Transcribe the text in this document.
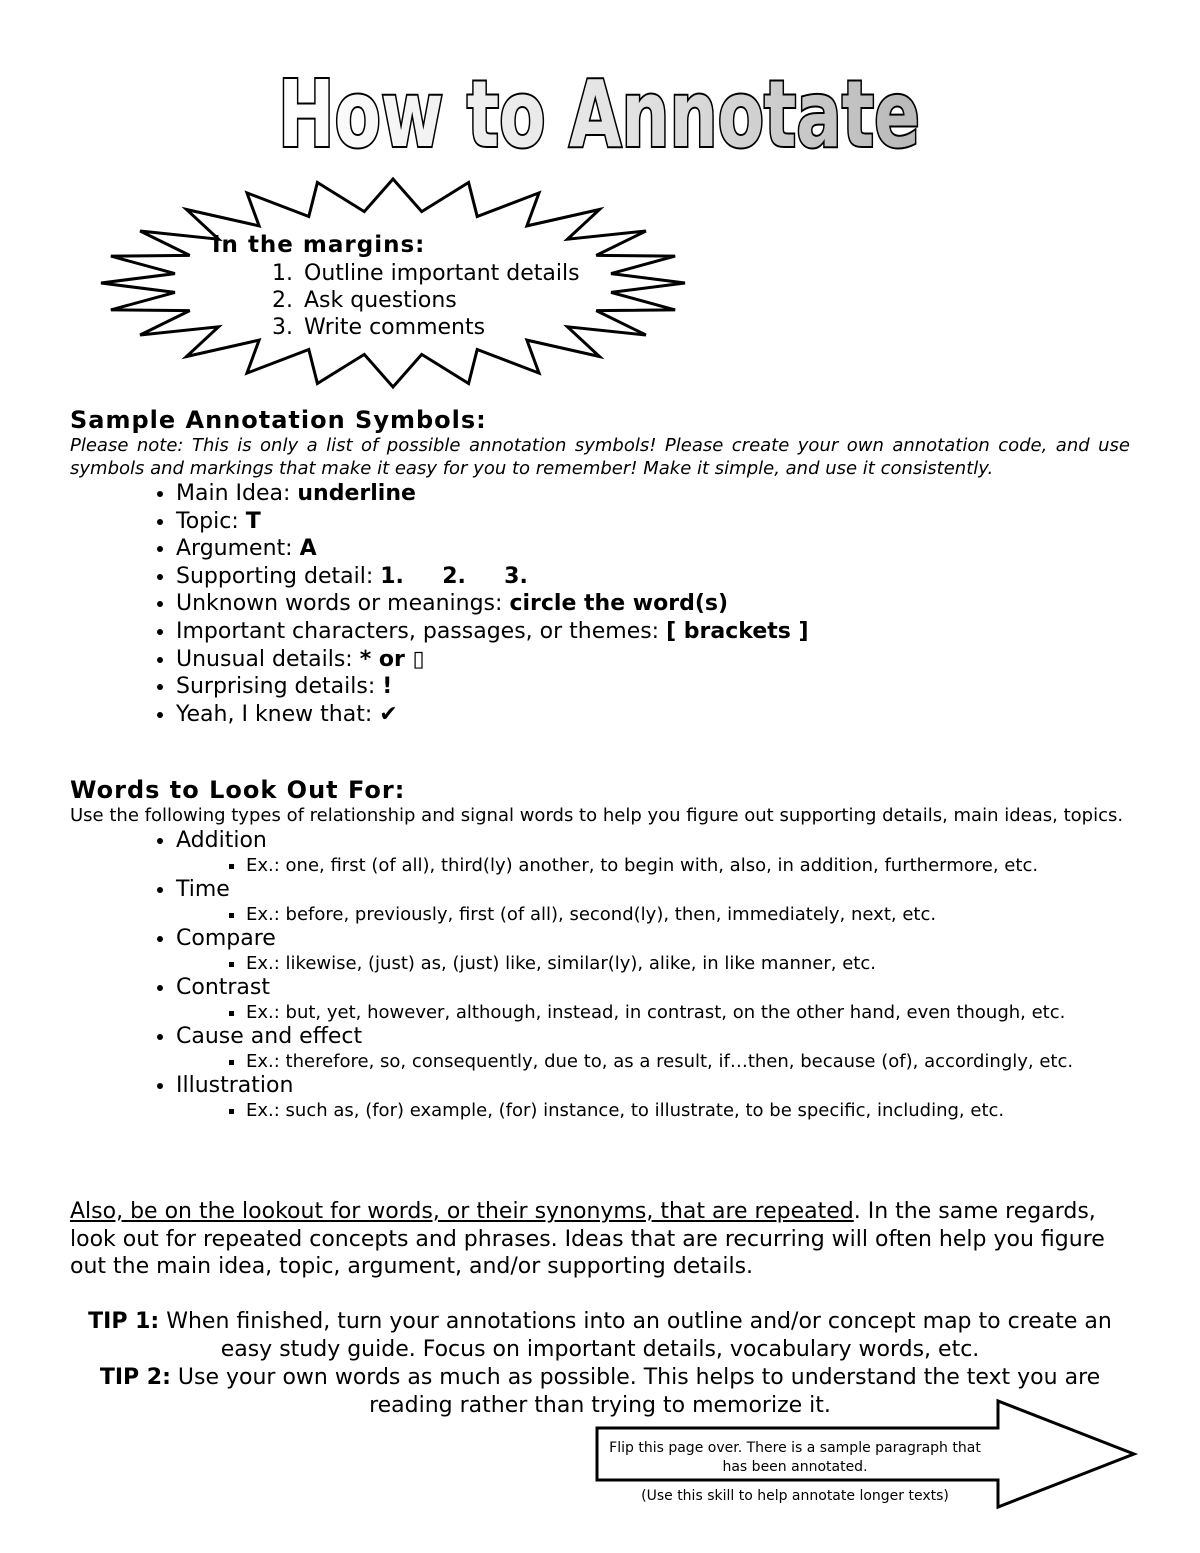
How to Annotate
In the margins:
1. Outline important details
2. Ask questions
3. Write comments
Sample Annotation Symbols:

Please note: This is only a list of possible annotation symbols! Please create your own annotation code, and use symbols and markings that make it easy for you to remember! Make it simple, and use it consistently.

• Main Idea: underline
• Topic: T
• Argument: A
• Supporting detail: 1.     2.     3.
• Unknown words or meanings: circle the word(s)
• Important characters, passages, or themes: [ brackets ]
• Unusual details: * or ▯
• Surprising details: !
• Yeah, I knew that: ✔
Words to Look Out For:

Use the following types of relationship and signal words to help you figure out supporting details, main ideas, topics.

• Addition
▪ Ex.: one, first (of all), third(ly) another, to begin with, also, in addition, furthermore, etc.
• Time
▪ Ex.: before, previously, first (of all), second(ly), then, immediately, next, etc.
• Compare
▪ Ex.: likewise, (just) as, (just) like, similar(ly), alike, in like manner, etc.
• Contrast
▪ Ex.: but, yet, however, although, instead, in contrast, on the other hand, even though, etc.
• Cause and effect
▪ Ex.: therefore, so, consequently, due to, as a result, if…then, because (of), accordingly, etc.
• Illustration
▪ Ex.: such as, (for) example, (for) instance, to illustrate, to be specific, including, etc.

Also, be on the lookout for words, or their synonyms, that are repeated. In the same regards, look out for repeated concepts and phrases. Ideas that are recurring will often help you figure out the main idea, topic, argument, and/or supporting details.

TIP 1: When finished, turn your annotations into an outline and/or concept map to create an easy study guide. Focus on important details, vocabulary words, etc.

TIP 2: Use your own words as much as possible. This helps to understand the text you are reading rather than trying to memorize it.

Flip this page over. There is a sample paragraph that has been annotated.
(Use this skill to help annotate longer texts)
